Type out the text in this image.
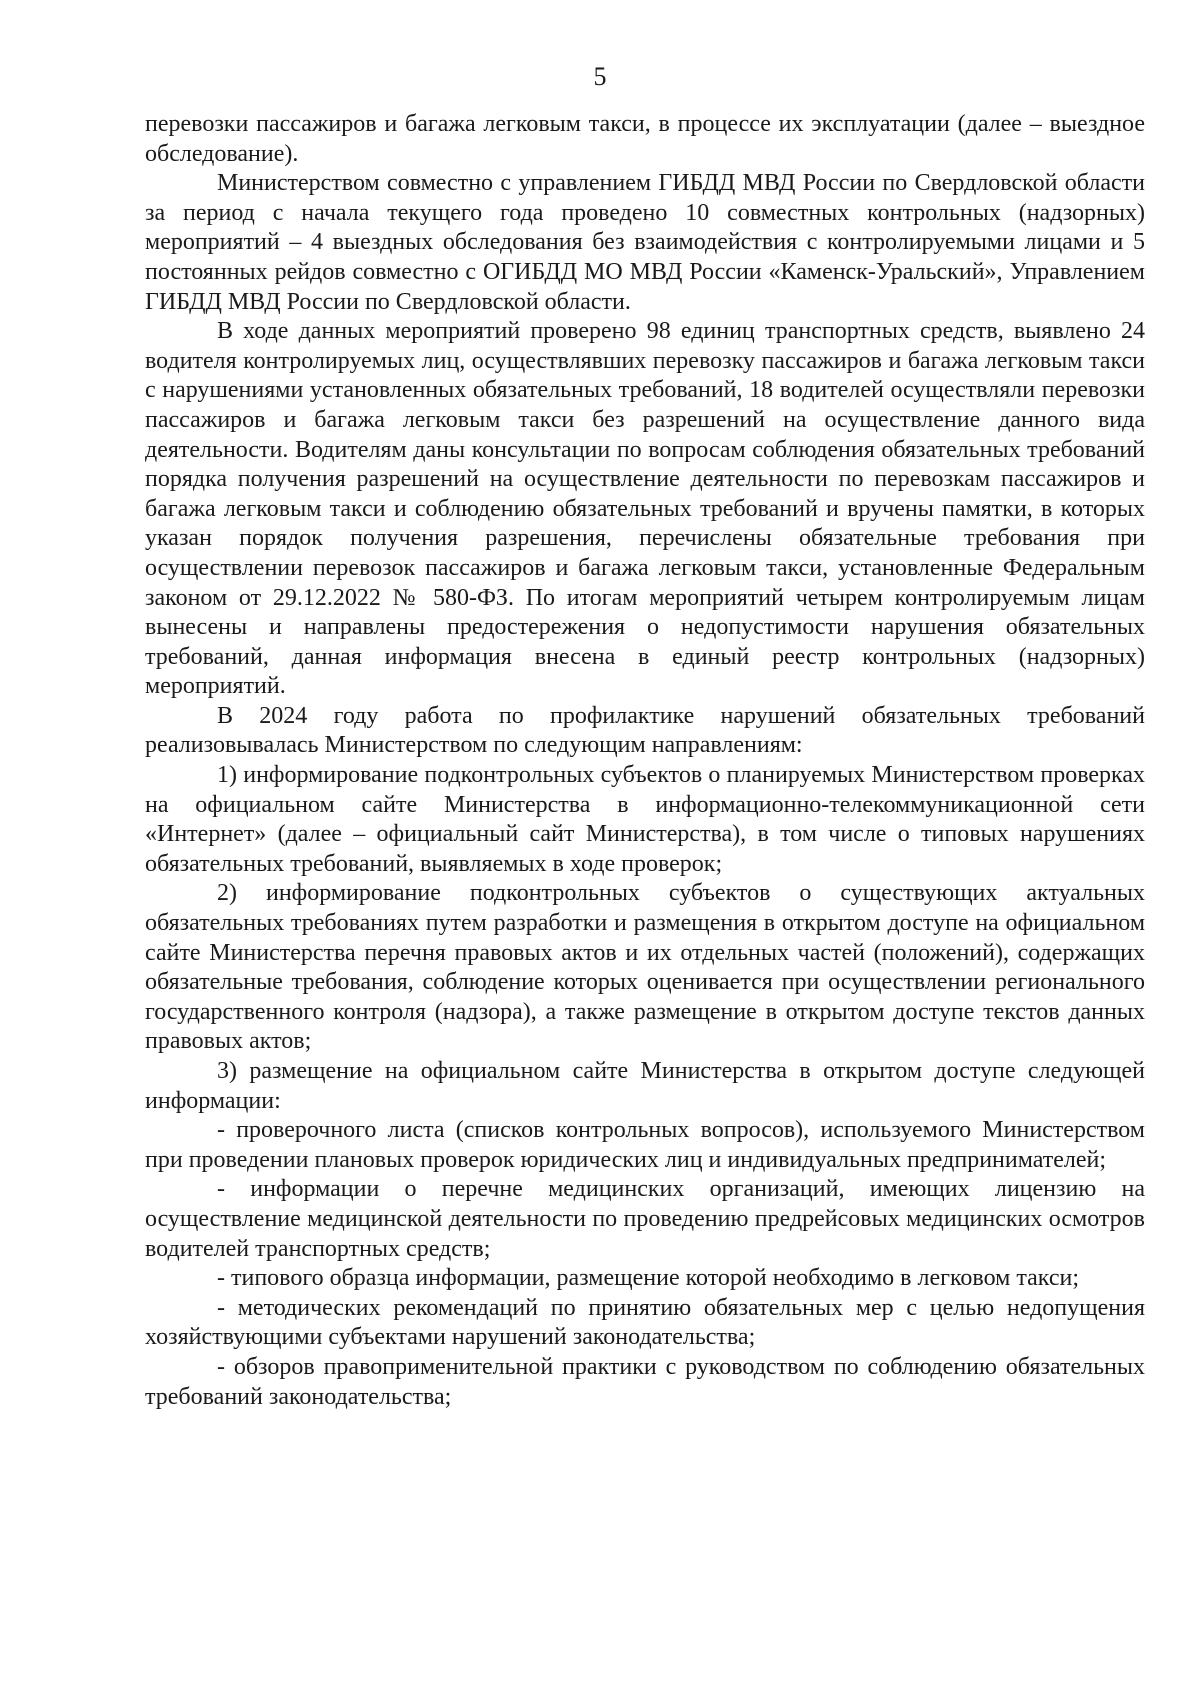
5

перевозки пассажиров и багажа легковым такси, в процессе их эксплуатации (далее – выездное обследование).

Министерством совместно с управлением ГИБДД МВД России по Свердловской области за период с начала текущего года проведено 10 совместных контрольных (надзорных) мероприятий – 4 выездных обследования без взаимодействия с контролируемыми лицами и 5 постоянных рейдов совместно с ОГИБДД МО МВД России «Каменск-Уральский», Управлением ГИБДД МВД России по Свердловской области.

В ходе данных мероприятий проверено 98 единиц транспортных средств, выявлено 24 водителя контролируемых лиц, осуществлявших перевозку пассажиров и багажа легковым такси с нарушениями установленных обязательных требований, 18 водителей осуществляли перевозки пассажиров и багажа легковым такси без разрешений на осуществление данного вида деятельности. Водителям даны консультации по вопросам соблюдения обязательных требований порядка получения разрешений на осуществление деятельности по перевозкам пассажиров и багажа легковым такси и соблюдению обязательных требований и вручены памятки, в которых указан порядок получения разрешения, перечислены обязательные требования при осуществлении перевозок пассажиров и багажа легковым такси, установленные Федеральным законом от 29.12.2022 № 580-ФЗ. По итогам мероприятий четырем контролируемым лицам вынесены и направлены предостережения о недопустимости нарушения обязательных требований, данная информация внесена в единый реестр контрольных (надзорных) мероприятий.

В 2024 году работа по профилактике нарушений обязательных требований реализовывалась Министерством по следующим направлениям:

1) информирование подконтрольных субъектов о планируемых Министерством проверках на официальном сайте Министерства в информационно-телекоммуникационной сети «Интернет» (далее – официальный сайт Министерства), в том числе о типовых нарушениях обязательных требований, выявляемых в ходе проверок;

2) информирование подконтрольных субъектов о существующих актуальных обязательных требованиях путем разработки и размещения в открытом доступе на официальном сайте Министерства перечня правовых актов и их отдельных частей (положений), содержащих обязательные требования, соблюдение которых оценивается при осуществлении регионального государственного контроля (надзора), а также размещение в открытом доступе текстов данных правовых актов;

3) размещение на официальном сайте Министерства в открытом доступе следующей информации:

- проверочного листа (списков контрольных вопросов), используемого Министерством при проведении плановых проверок юридических лиц и индивидуальных предпринимателей;

- информации о перечне медицинских организаций, имеющих лицензию на осуществление медицинской деятельности по проведению предрейсовых медицинских осмотров водителей транспортных средств;

- типового образца информации, размещение которой необходимо в легковом такси;

- методических рекомендаций по принятию обязательных мер с целью недопущения хозяйствующими субъектами нарушений законодательства;

- обзоров правоприменительной практики с руководством по соблюдению обязательных требований законодательства;
